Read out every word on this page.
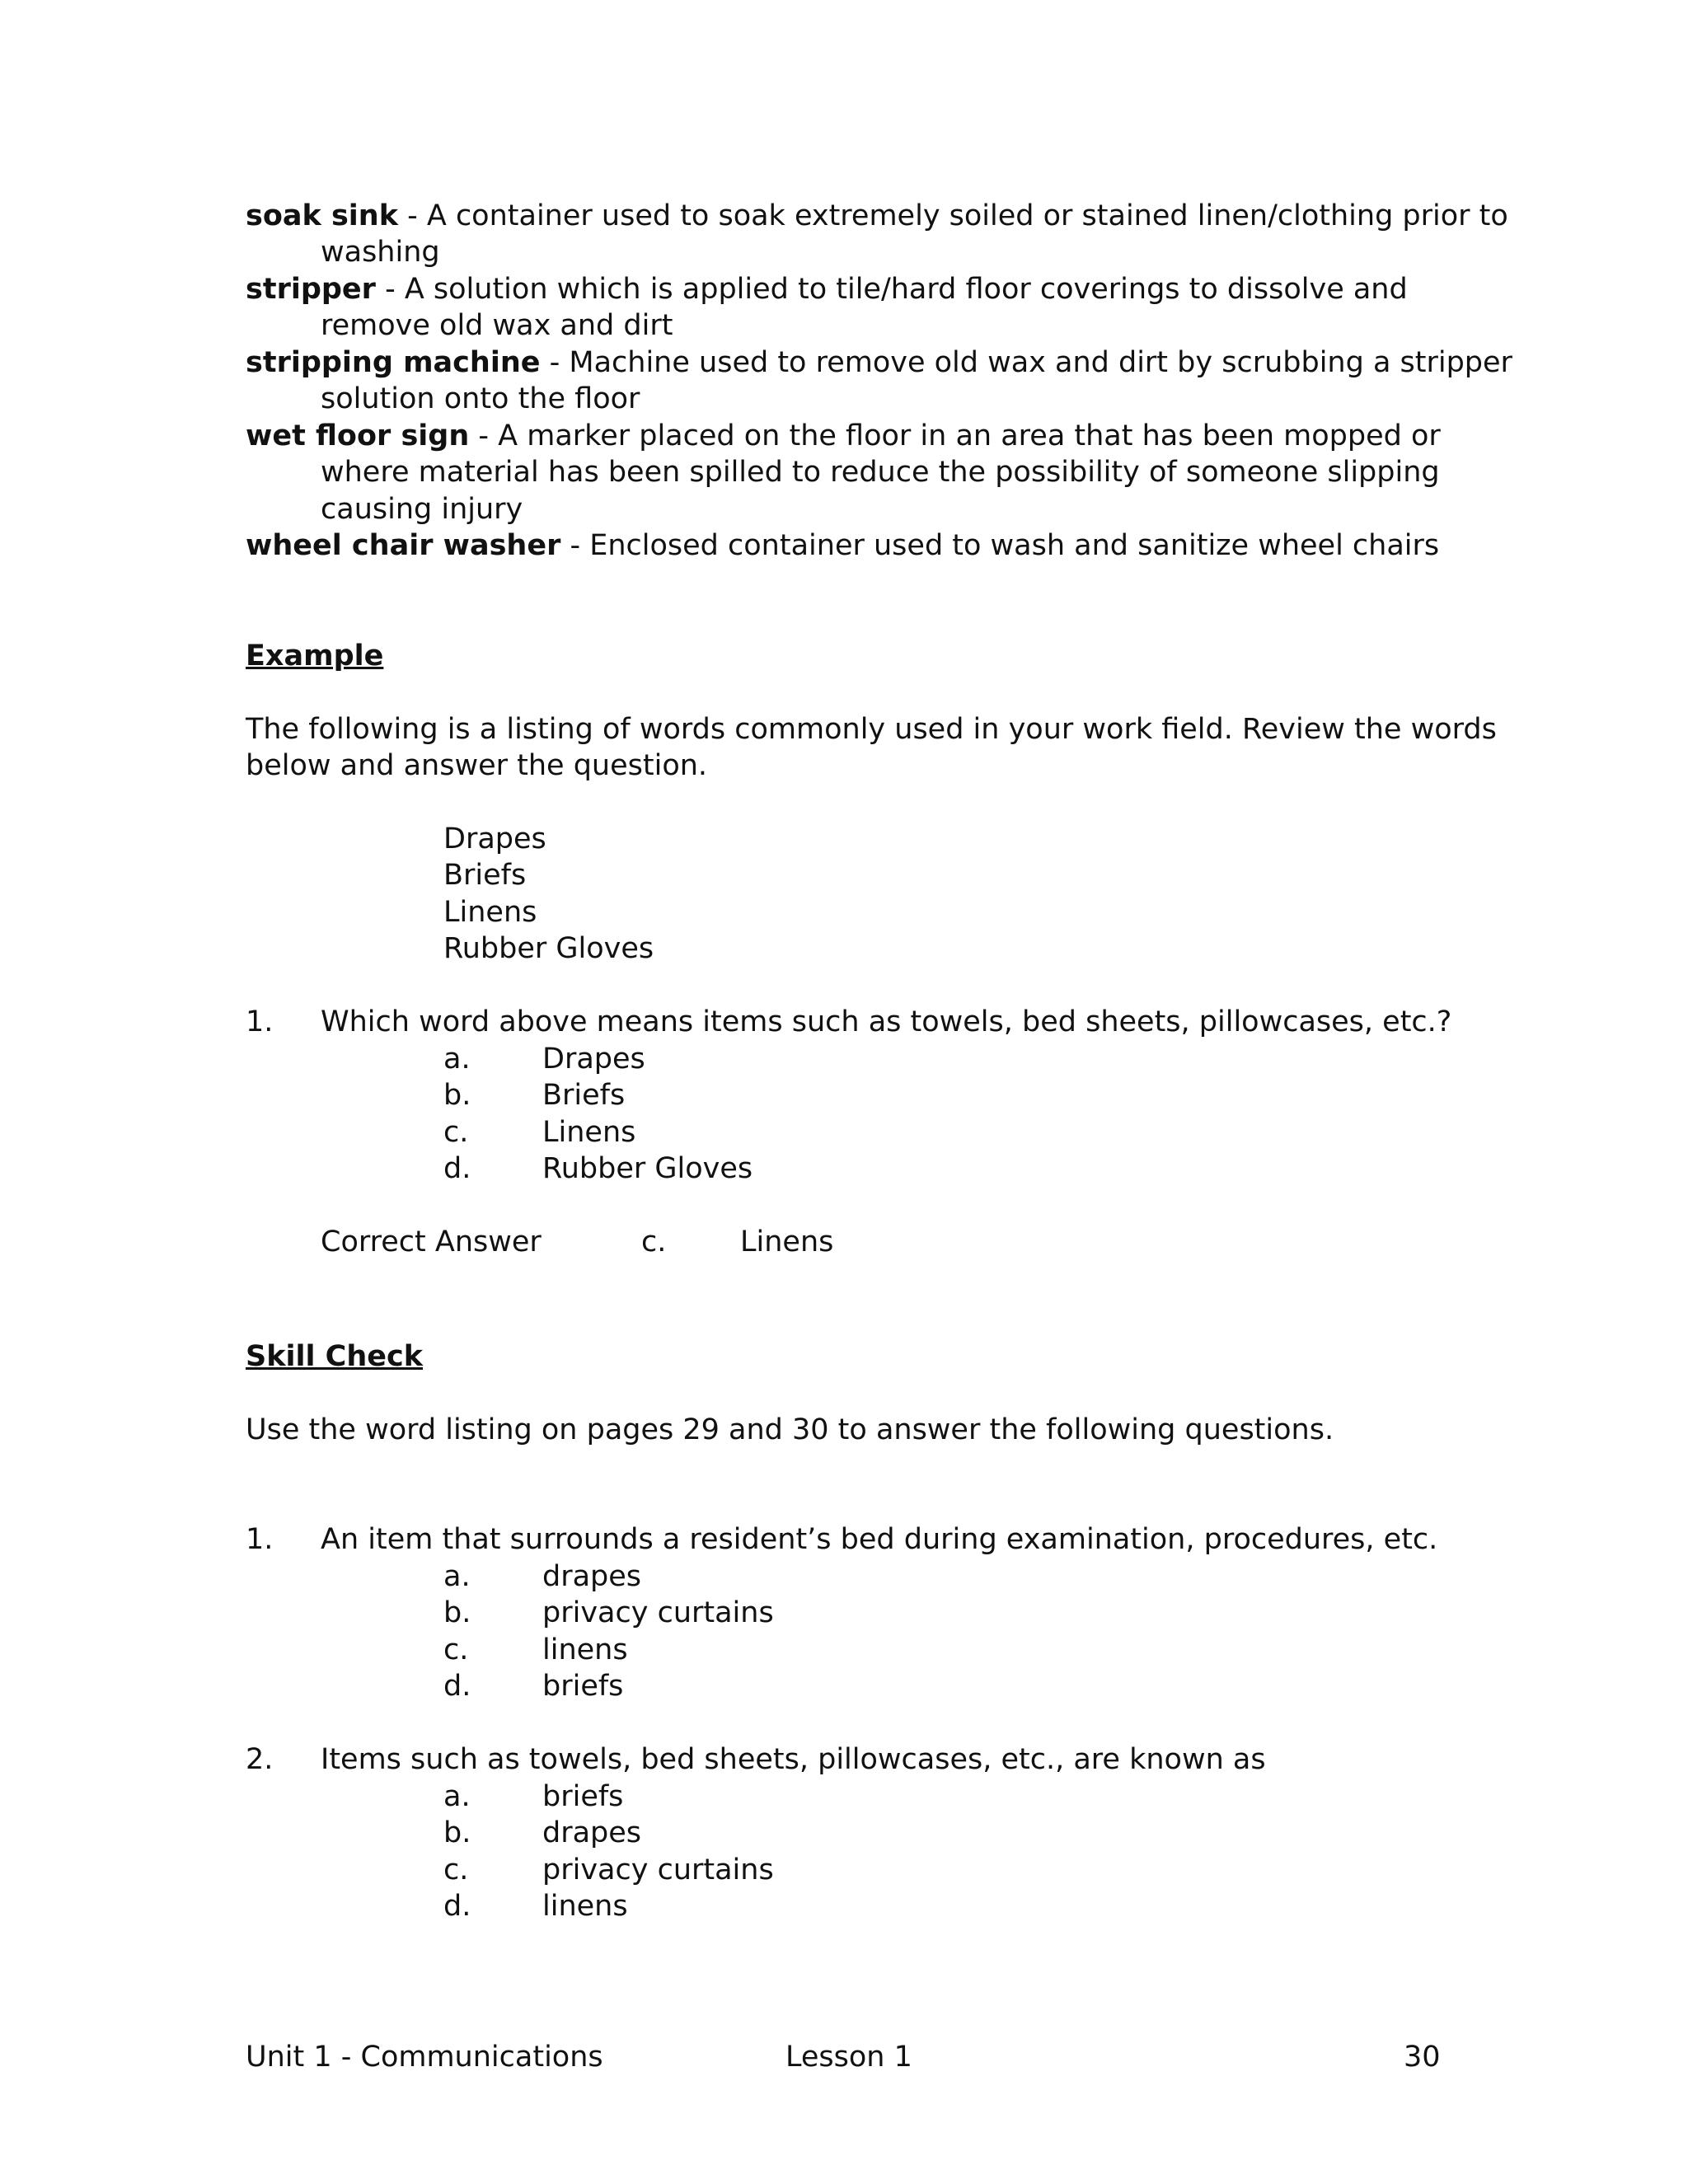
soak sink - A container used to soak extremely soiled or stained linen/clothing prior to
washing
stripper - A solution which is applied to tile/hard floor coverings to dissolve and
remove old wax and dirt
stripping machine - Machine used to remove old wax and dirt by scrubbing a stripper
solution onto the floor
wet floor sign - A marker placed on the floor in an area that has been mopped or
where material has been spilled to reduce the possibility of someone slipping
causing injury
wheel chair washer - Enclosed container used to wash and sanitize wheel chairs
Example
The following is a listing of words commonly used in your work field. Review the words
below and answer the question.
Drapes
Briefs
Linens
Rubber Gloves
1. Which word above means items such as towels, bed sheets, pillowcases, etc.?
a. Drapes
b. Briefs
c.	Linens
d. Rubber Gloves
Correct Answer	c.	Linens
Skill Check
Use the word listing on pages 29 and 30 to answer the following questions.
1. An item that surrounds a resident’s bed during examination, procedures, etc.
a. drapes
b. privacy curtains
c.	linens
d. briefs
2. Items such as towels, bed sheets, pillowcases, etc., are known as
a. briefs
b. drapes
c.	privacy curtains
d. linens
Unit 1 - Communications	Lesson 1	30
